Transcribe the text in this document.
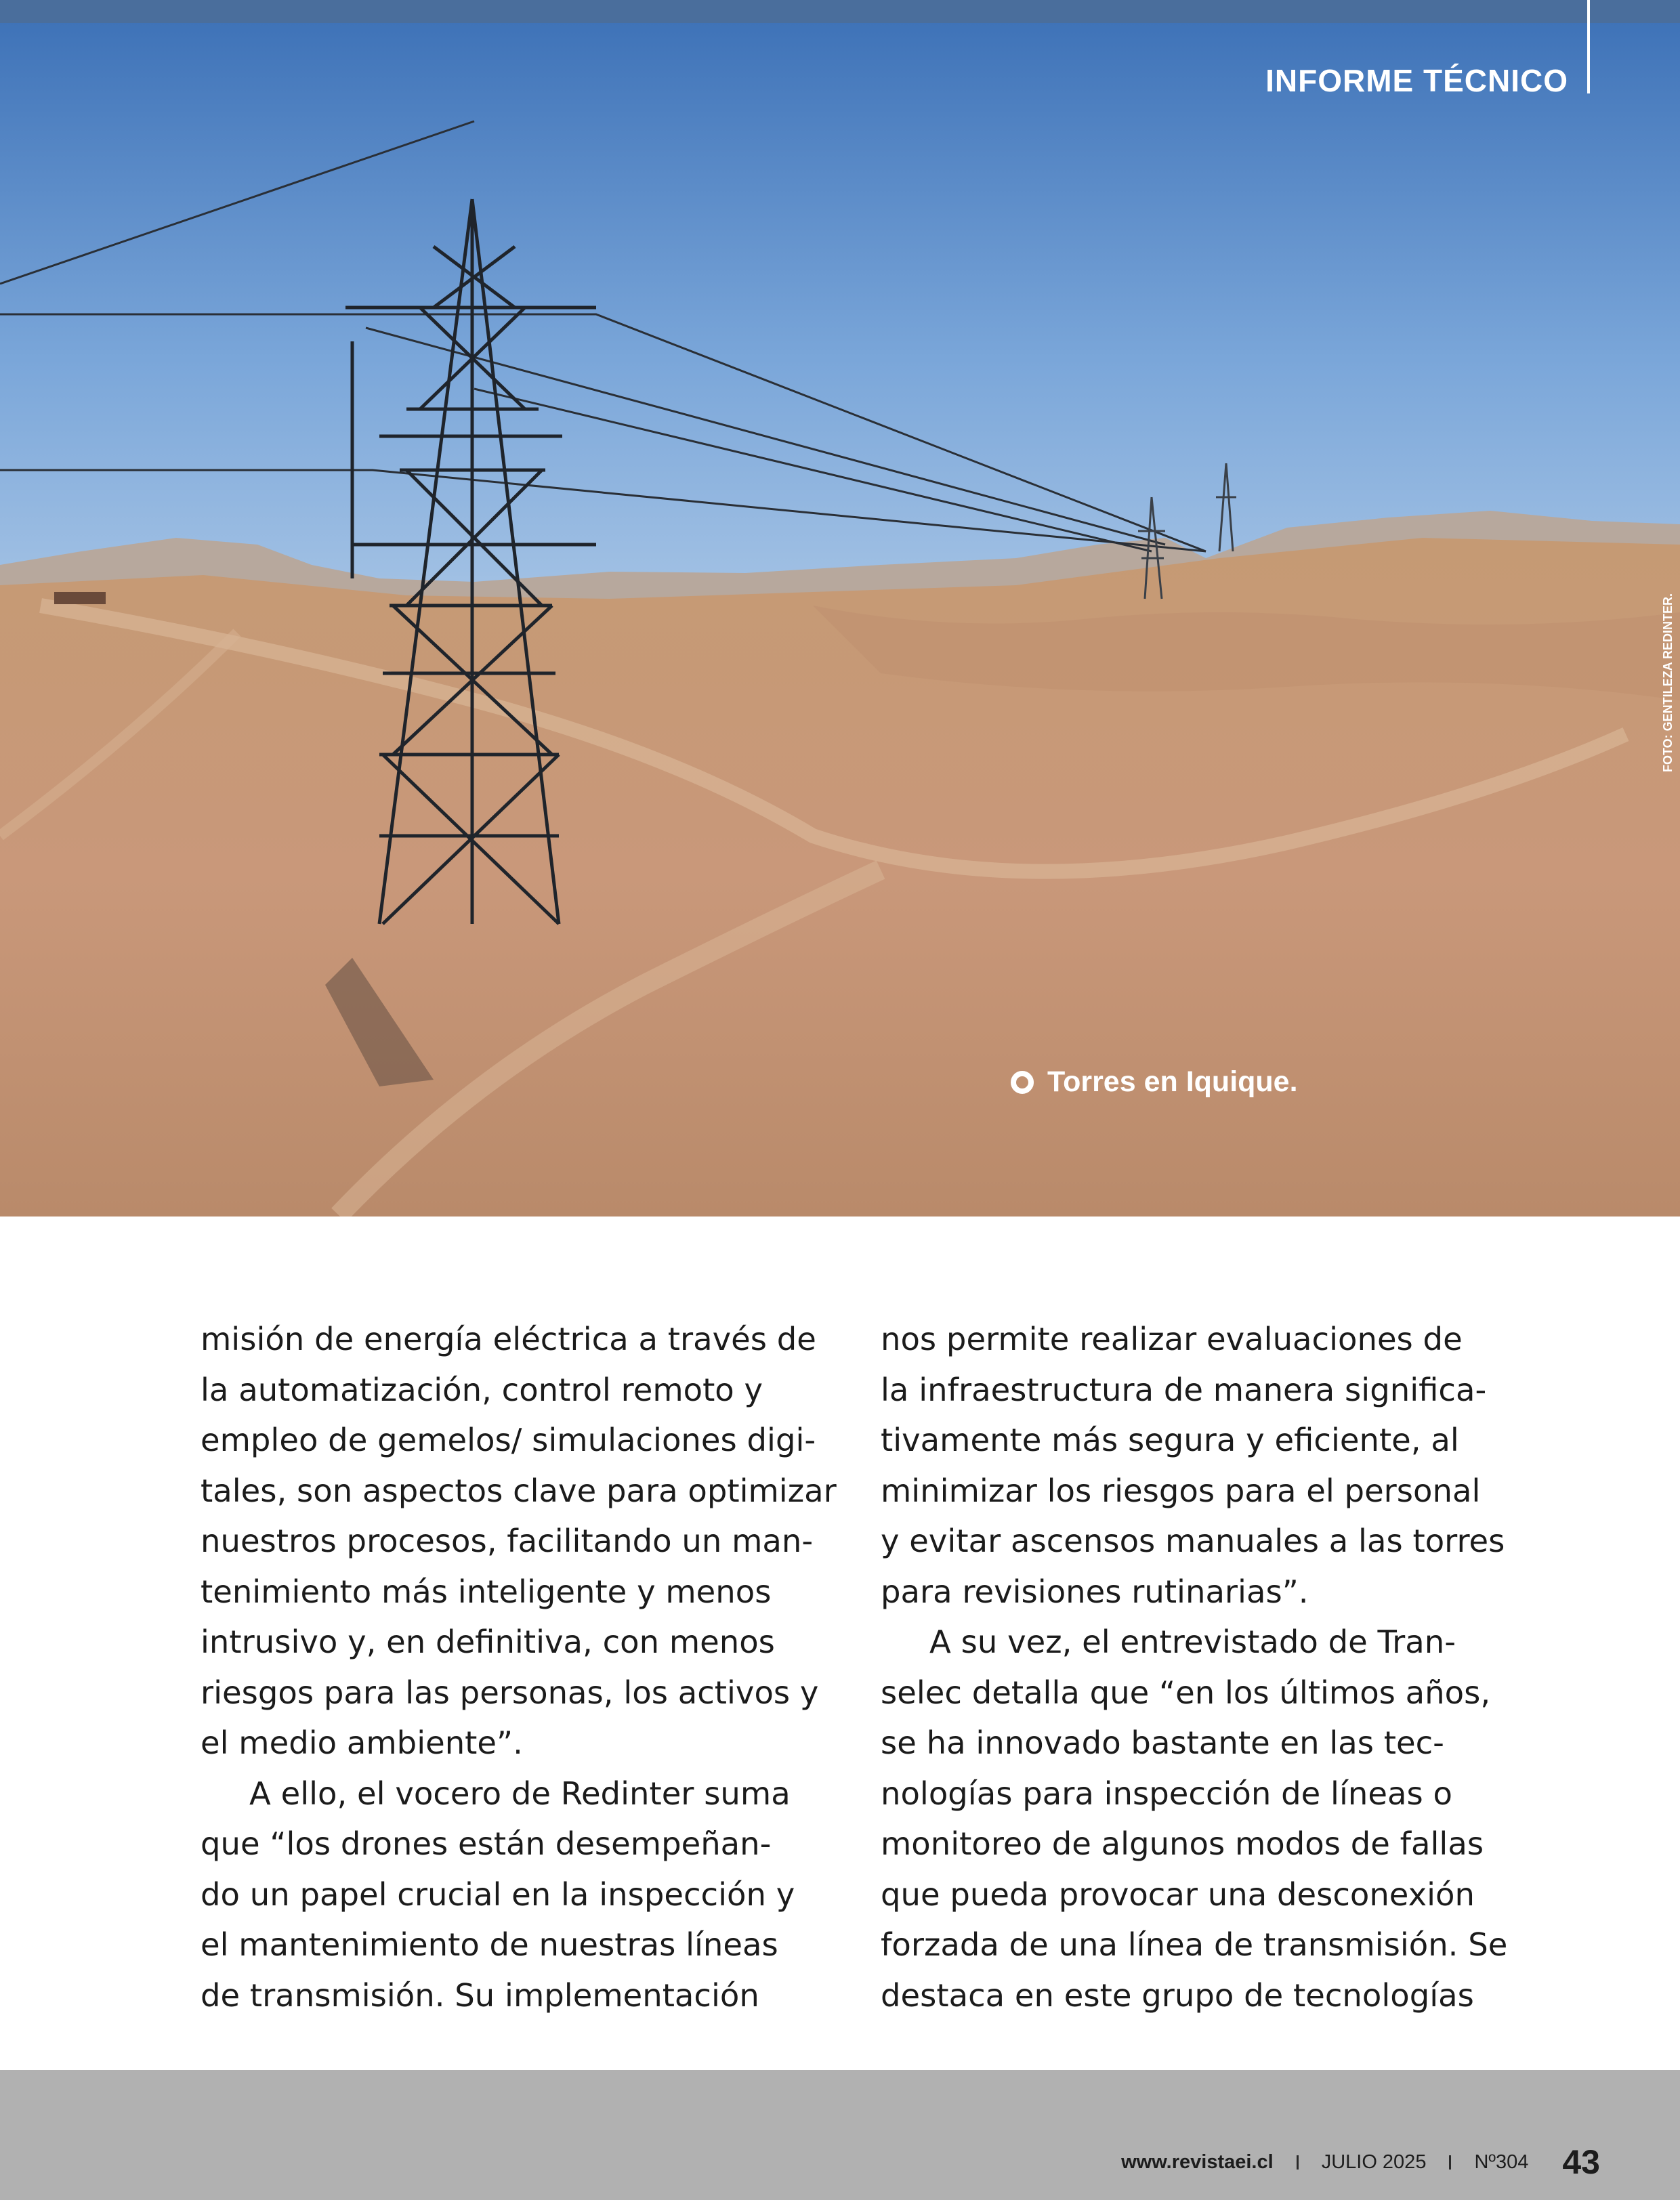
INFORME TÉCNICO
FOTO: GENTILEZA REDINTER.
Torres en Iquique.
misión de energía eléctrica a través de
la automatización, control remoto y
empleo de gemelos/ simulaciones digi-
tales, son aspectos clave para optimizar
nuestros procesos, facilitando un man-
tenimiento más inteligente y menos
intrusivo y, en definitiva, con menos
riesgos para las personas, los activos y
el medio ambiente”.
A ello, el vocero de Redinter suma
que “los drones están desempeñan-
do un papel crucial en la inspección y
el mantenimiento de nuestras líneas
de transmisión. Su implementación
nos permite realizar evaluaciones de
la infraestructura de manera significa-
tivamente más segura y eficiente, al
minimizar los riesgos para el personal
y evitar ascensos manuales a las torres
para revisiones rutinarias”.
A su vez, el entrevistado de Tran-
selec detalla que “en los últimos años,
se ha innovado bastante en las tec-
nologías para inspección de líneas o
monitoreo de algunos modos de fallas
que pueda provocar una desconexión
forzada de una línea de transmisión. Se
destaca en este grupo de tecnologías
www.revistaei.cl JULIO 2025 Nº304 43
